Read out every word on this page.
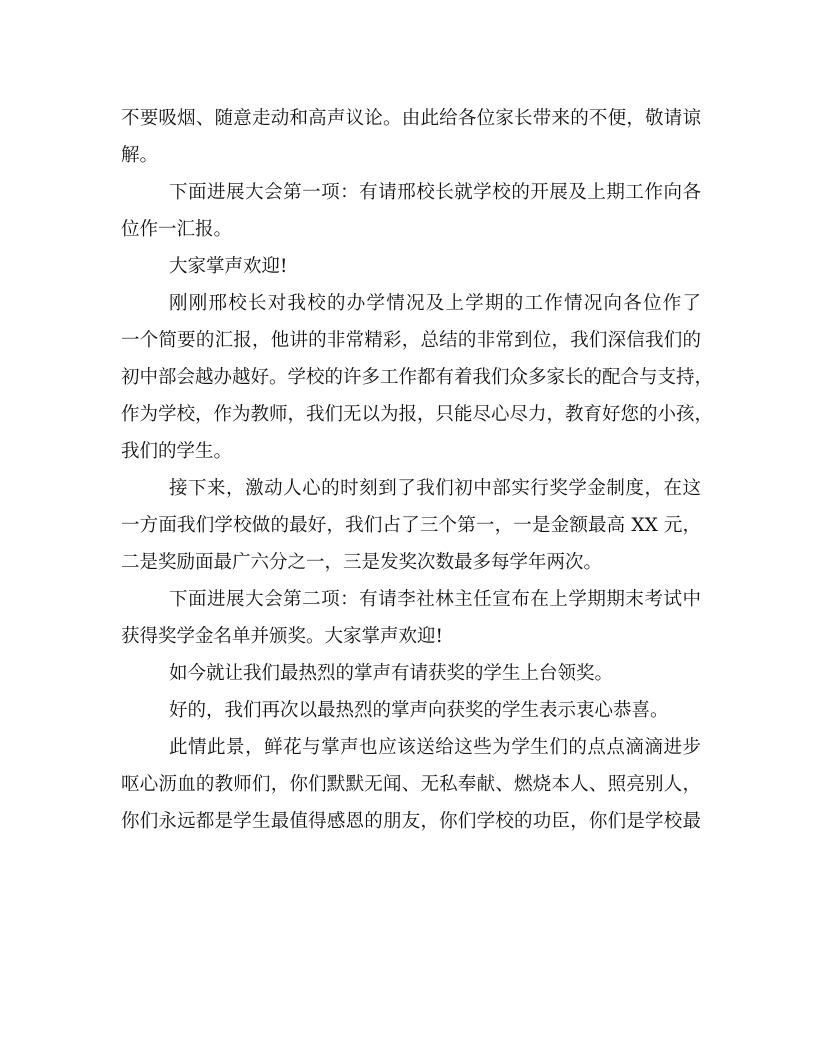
不要吸烟、随意走动和高声议论。由此给各位家长带来的不便，敬请谅
解。
下面进展大会第一项：有请邢校长就学校的开展及上期工作向各
位作一汇报。
大家掌声欢迎!
刚刚邢校长对我校的办学情况及上学期的工作情况向各位作了
一个简要的汇报，他讲的非常精彩，总结的非常到位，我们深信我们的
初中部会越办越好。学校的许多工作都有着我们众多家长的配合与支持，
作为学校，作为教师，我们无以为报，只能尽心尽力，教育好您的小孩，
我们的学生。
接下来，激动人心的时刻到了我们初中部实行奖学金制度，在这
一方面我们学校做的最好，我们占了三个第一，一是金额最高 XX 元，
二是奖励面最广六分之一，三是发奖次数最多每学年两次。
下面进展大会第二项：有请李社林主任宣布在上学期期末考试中
获得奖学金名单并颁奖。大家掌声欢迎!
如今就让我们最热烈的掌声有请获奖的学生上台领奖。
好的，我们再次以最热烈的掌声向获奖的学生表示衷心恭喜。
此情此景，鲜花与掌声也应该送给这些为学生们的点点滴滴进步
呕心沥血的教师们，你们默默无闻、无私奉献、燃烧本人、照亮别人，
你们永远都是学生最值得感恩的朋友，你们学校的功臣，你们是学校最
